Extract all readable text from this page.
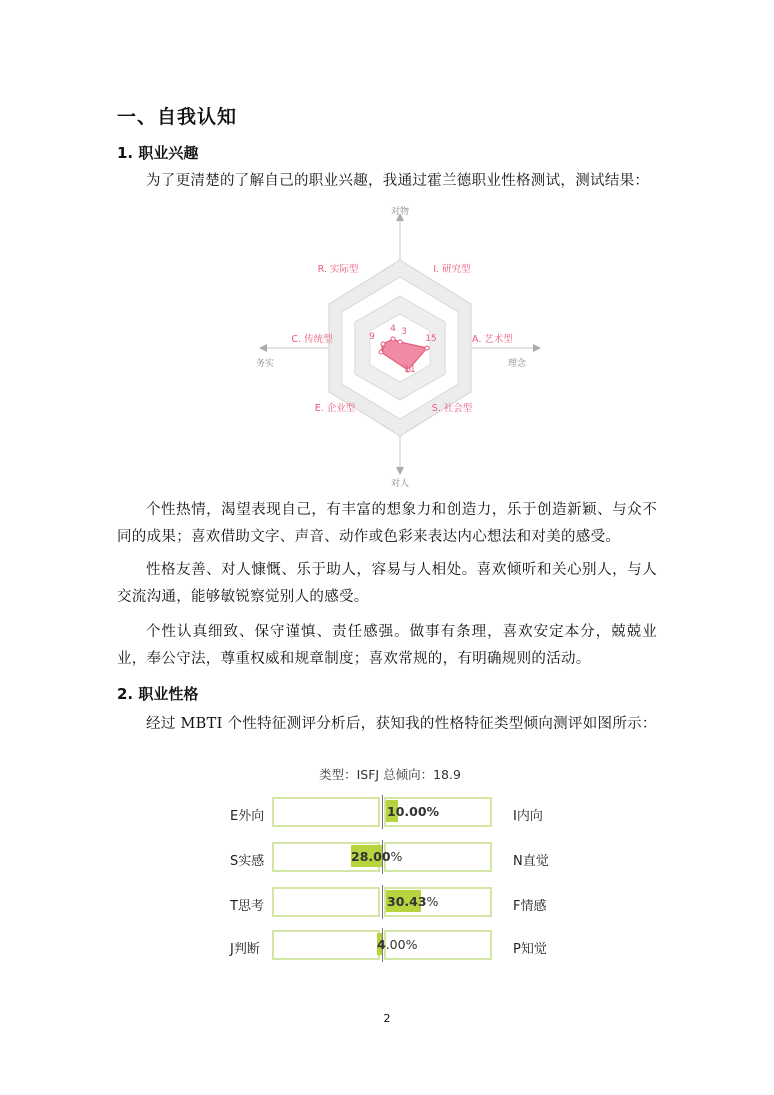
一、自我认知
1. 职业兴趣
为了更清楚的了解自己的职业兴趣，我通过霍兰德职业性格测试，测试结果：
4 3
15
11
7
9
对物
对人
务实	理念
R. 实际型	I. 研究型
A. 艺术型
S. 社会型
E. 企业型
C. 传统型
个性热情，渴望表现自己，有丰富的想象力和创造力，乐于创造新颖、与众不同的成果；喜欢借助文字、声音、动作或色彩来表达内心想法和对美的感受。
性格友善、对人慷慨、乐于助人，容易与人相处。喜欢倾听和关心别人，与人交流沟通，能够敏锐察觉别人的感受。
个性认真细致、保守谨慎、责任感强。做事有条理，喜欢安定本分，兢兢业业，奉公守法，尊重权威和规章制度；喜欢常规的，有明确规则的活动。
2. 职业性格
经过 MBTI 个性特征测评分析后，获知我的性格特征类型倾向测评如图所示：
类型：ISFJ 总倾向：18.9
E外向	10.00%	I内向
S实感	28.00%	N直觉
T思考	30.43%	F情感
J判断	4.00%	P知觉
2
